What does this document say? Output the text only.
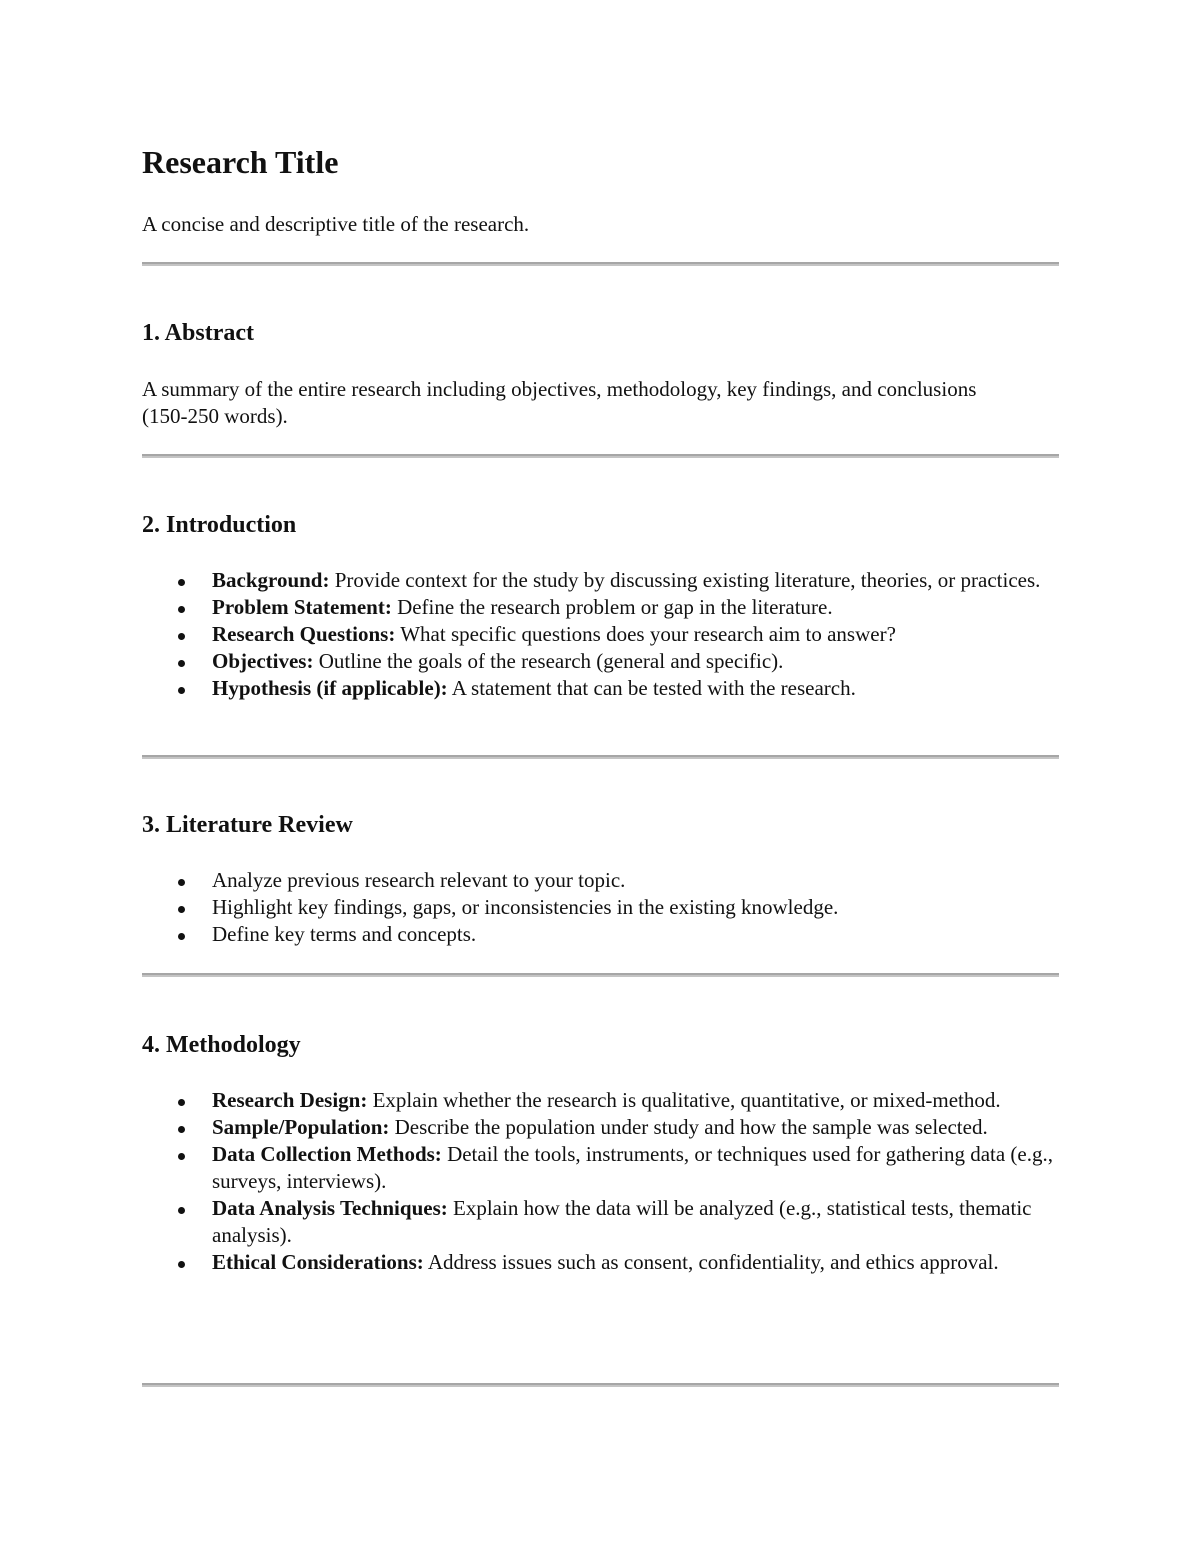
Research Title

A concise and descriptive title of the research.

1. Abstract

A summary of the entire research including objectives, methodology, key findings, and conclusions (150-250 words).

2. Introduction
Background: Provide context for the study by discussing existing literature, theories, or practices.
Problem Statement: Define the research problem or gap in the literature.
Research Questions: What specific questions does your research aim to answer?
Objectives: Outline the goals of the research (general and specific).
Hypothesis (if applicable): A statement that can be tested with the research.
3. Literature Review
Analyze previous research relevant to your topic.
Highlight key findings, gaps, or inconsistencies in the existing knowledge.
Define key terms and concepts.
4. Methodology
Research Design: Explain whether the research is qualitative, quantitative, or mixed-method.
Sample/Population: Describe the population under study and how the sample was selected.
Data Collection Methods: Detail the tools, instruments, or techniques used for gathering data (e.g., surveys, interviews).
Data Analysis Techniques: Explain how the data will be analyzed (e.g., statistical tests, thematic analysis).
Ethical Considerations: Address issues such as consent, confidentiality, and ethics approval.
